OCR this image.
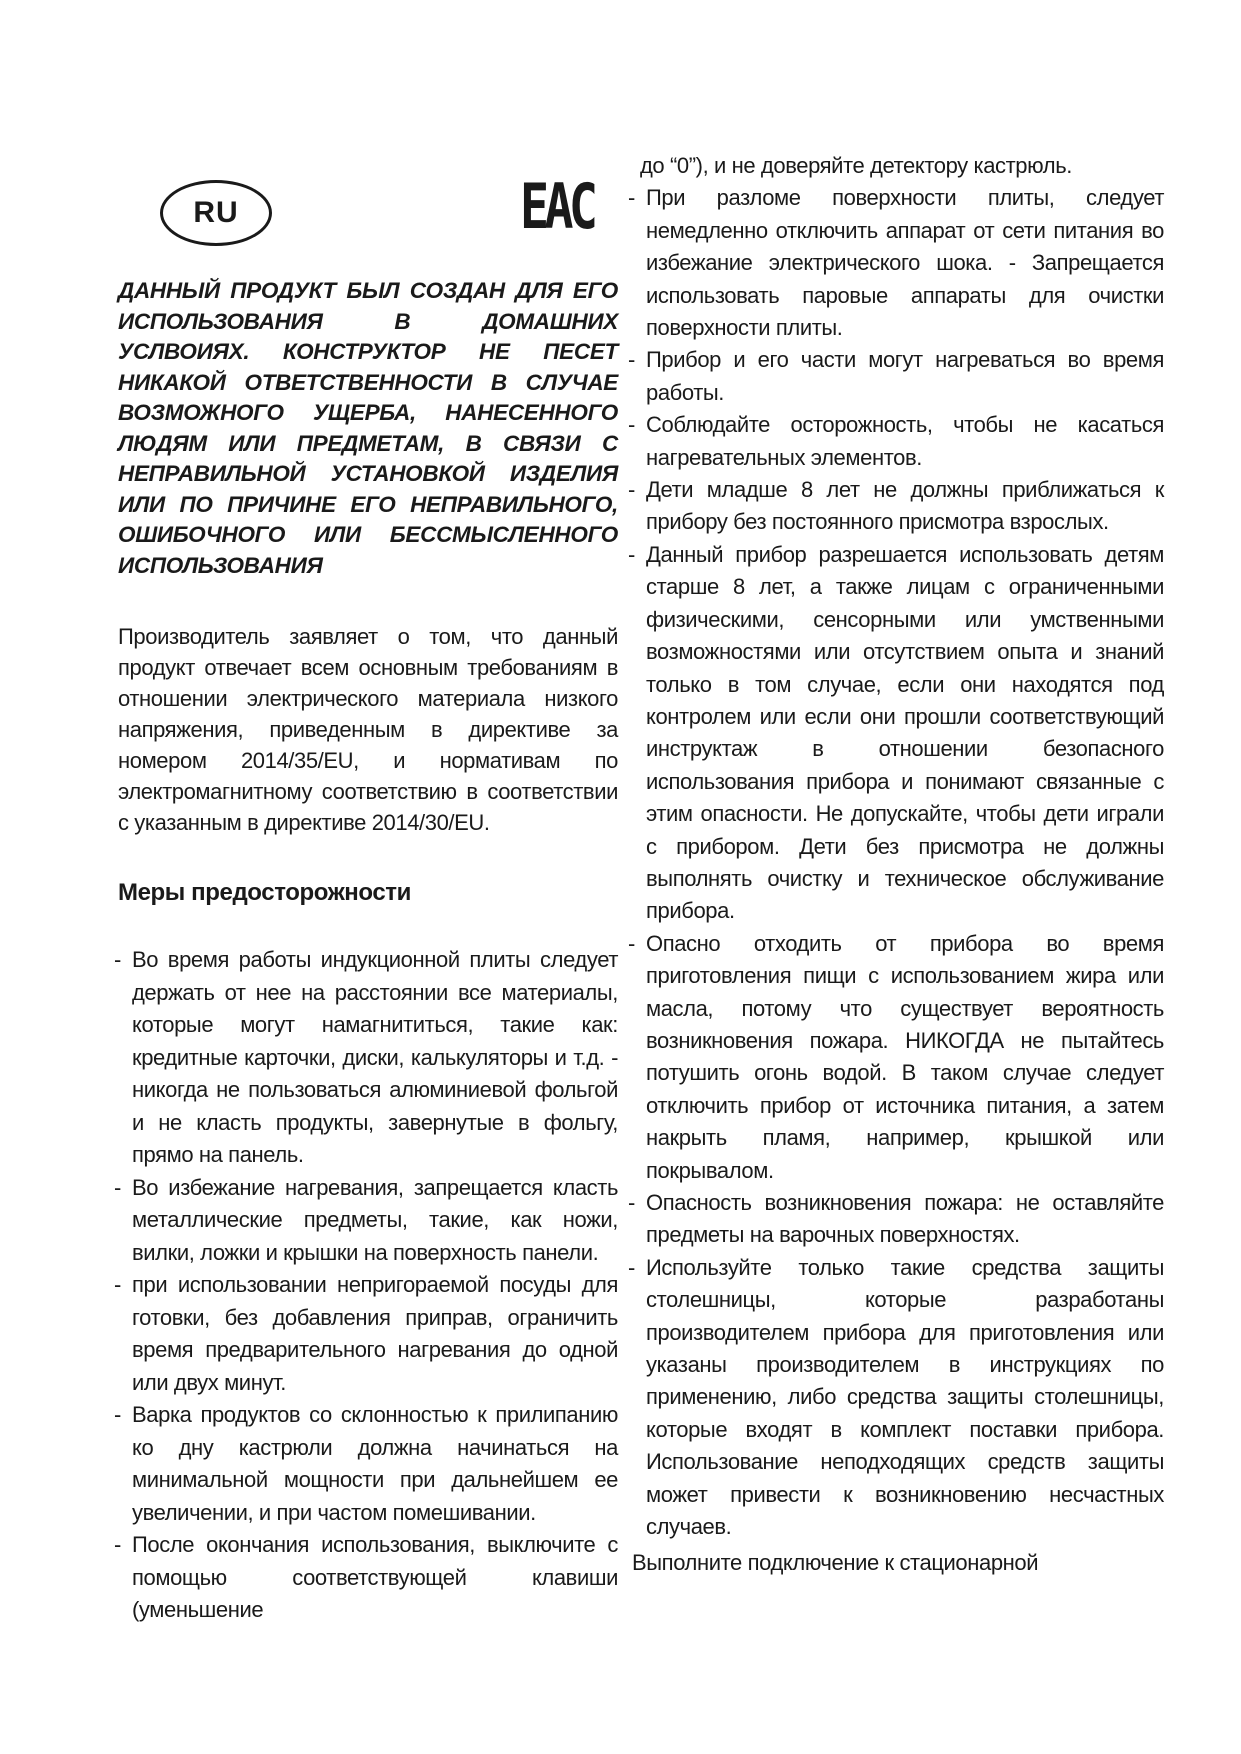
RU	EAC

ДАННЫЙ ПРОДУКТ БЫЛ СОЗДАН ДЛЯ ЕГО ИСПОЛЬЗОВАНИЯ В ДОМАШНИХ УСЛВОИЯХ. КОНСТРУКТОР НЕ ПЕСЕТ НИКАКОЙ ОТВЕТСТВЕННОСТИ В СЛУЧАЕ ВОЗМОЖНОГО УЩЕРБА, НАНЕСЕННОГО ЛЮДЯМ ИЛИ ПРЕДМЕТАМ, В СВЯЗИ С НЕПРАВИЛЬНОЙ УСТАНОВКОЙ ИЗДЕЛИЯ ИЛИ ПО ПРИЧИНЕ ЕГО НЕПРАВИЛЬНОГО, ОШИБОЧНОГО ИЛИ БЕССМЫСЛЕННОГО ИСПОЛЬЗОВАНИЯ

Производитель заявляет о том, что данный продукт отвечает всем основным требованиям в отношении электрического материала низкого напряжения, приведенным в директиве за номером 2014/35/EU, и нормативам по электромагнитному соответствию в соответствии с указанным в директиве 2014/30/EU.

Меры предосторожности
- Во время работы индукционной плиты следует держать от нее на расстоянии все материалы, которые могут намагнититься, такие как: кредитные карточки, диски, калькуляторы и т.д. - никогда не пользоваться алюминиевой фольгой и не класть продукты, завернутые в фольгу, прямо на панель.
- Во избежание нагревания, запрещается класть металлические предметы, такие, как ножи, вилки, ложки и крышки на поверхность панели.
- при использовании непригораемой посуды для готовки, без добавления приправ, ограничить время предварительного нагревания до одной или двух минут.
- Варка продуктов со склонностью к прилипанию ко дну кастрюли должна начинаться на минимальной мощности при дальнейшем ее увеличении, и при частом помешивании.
- После окончания использования, выключите с помощью соответствующей клавиши (уменьшение
до “0”), и не доверяйте детектору кастрюль.
- При разломе поверхности плиты, следует немедленно отключить аппарат от сети питания во избежание электрического шока. - Запрещается использовать паровые аппараты для очистки поверхности плиты.
- Прибор и его части могут нагреваться во время работы.
- Соблюдайте осторожность, чтобы не касаться нагревательных элементов.
- Дети младше 8 лет не должны приближаться к прибору без постоянного присмотра взрослых.
- Данный прибор разрешается использовать детям старше 8 лет, а также лицам с ограниченными физическими, сенсорными или умственными возможностями или отсутствием опыта и знаний только в том случае, если они находятся под контролем или если они прошли соответствующий инструктаж в отношении безопасного использования прибора и понимают связанные с этим опасности. Не допускайте, чтобы дети играли с прибором. Дети без присмотра не должны выполнять очистку и техническое обслуживание прибора.
- Опасно отходить от прибора во время приготовления пищи с использованием жира или масла, потому что существует вероятность возникновения пожара. НИКОГДА не пытайтесь потушить огонь водой. В таком случае следует отключить прибор от источника питания, а затем накрыть пламя, например, крышкой или покрывалом.
- Опасность возникновения пожара: не оставляйте предметы на варочных поверхностях.
- Используйте только такие средства защиты столешницы, которые разработаны производителем прибора для приготовления или указаны производителем в инструкциях по применению, либо средства защиты столешницы, которые входят в комплект поставки прибора. Использование неподходящих средств защиты может привести к возникновению несчастных случаев.

Выполните подключение к стационарной
